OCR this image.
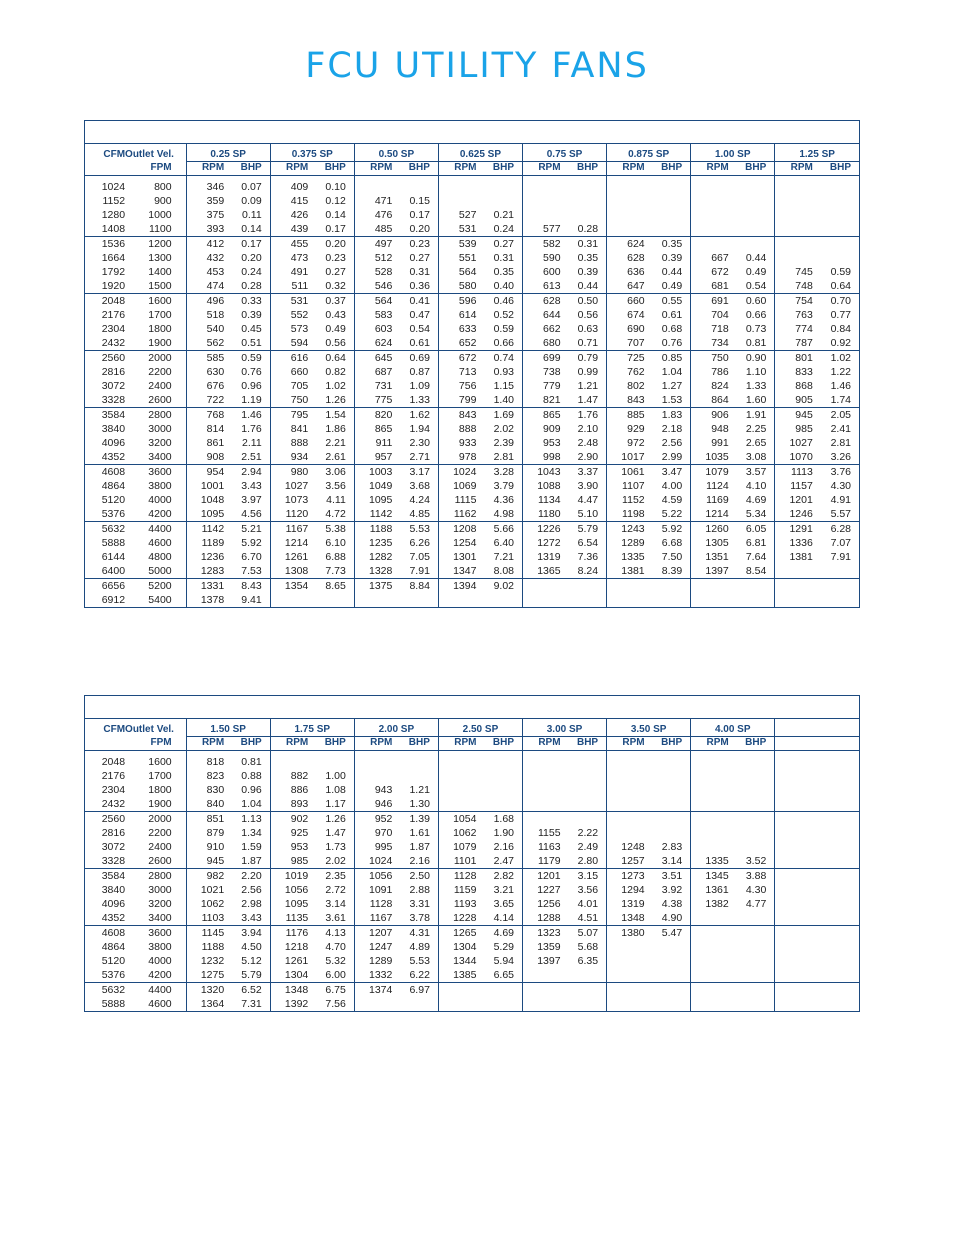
FCU UTILITY FANS
CFM	Outlet Vel.	0.25 SP		0.375 SP		0.50 SP		0.625 SP		0.75 SP		0.875 SP		1.00 SP		1.25 SP	
	FPM	RPM	BHP	RPM	BHP	RPM	BHP	RPM	BHP	RPM	BHP	RPM	BHP	RPM	BHP	RPM	BHP
1024	800	346	0.07	409	0.10												
1152	900	359	0.09	415	0.12	471	0.15										
1280	1000	375	0.11	426	0.14	476	0.17	527	0.21								
1408	1100	393	0.14	439	0.17	485	0.20	531	0.24	577	0.28						
1536	1200	412	0.17	455	0.20	497	0.23	539	0.27	582	0.31	624	0.35				
1664	1300	432	0.20	473	0.23	512	0.27	551	0.31	590	0.35	628	0.39	667	0.44		
1792	1400	453	0.24	491	0.27	528	0.31	564	0.35	600	0.39	636	0.44	672	0.49	745	0.59
1920	1500	474	0.28	511	0.32	546	0.36	580	0.40	613	0.44	647	0.49	681	0.54	748	0.64
2048	1600	496	0.33	531	0.37	564	0.41	596	0.46	628	0.50	660	0.55	691	0.60	754	0.70
2176	1700	518	0.39	552	0.43	583	0.47	614	0.52	644	0.56	674	0.61	704	0.66	763	0.77
2304	1800	540	0.45	573	0.49	603	0.54	633	0.59	662	0.63	690	0.68	718	0.73	774	0.84
2432	1900	562	0.51	594	0.56	624	0.61	652	0.66	680	0.71	707	0.76	734	0.81	787	0.92
2560	2000	585	0.59	616	0.64	645	0.69	672	0.74	699	0.79	725	0.85	750	0.90	801	1.02
2816	2200	630	0.76	660	0.82	687	0.87	713	0.93	738	0.99	762	1.04	786	1.10	833	1.22
3072	2400	676	0.96	705	1.02	731	1.09	756	1.15	779	1.21	802	1.27	824	1.33	868	1.46
3328	2600	722	1.19	750	1.26	775	1.33	799	1.40	821	1.47	843	1.53	864	1.60	905	1.74
3584	2800	768	1.46	795	1.54	820	1.62	843	1.69	865	1.76	885	1.83	906	1.91	945	2.05
3840	3000	814	1.76	841	1.86	865	1.94	888	2.02	909	2.10	929	2.18	948	2.25	985	2.41
4096	3200	861	2.11	888	2.21	911	2.30	933	2.39	953	2.48	972	2.56	991	2.65	1027	2.81
4352	3400	908	2.51	934	2.61	957	2.71	978	2.81	998	2.90	1017	2.99	1035	3.08	1070	3.26
4608	3600	954	2.94	980	3.06	1003	3.17	1024	3.28	1043	3.37	1061	3.47	1079	3.57	1113	3.76
4864	3800	1001	3.43	1027	3.56	1049	3.68	1069	3.79	1088	3.90	1107	4.00	1124	4.10	1157	4.30
5120	4000	1048	3.97	1073	4.11	1095	4.24	1115	4.36	1134	4.47	1152	4.59	1169	4.69	1201	4.91
5376	4200	1095	4.56	1120	4.72	1142	4.85	1162	4.98	1180	5.10	1198	5.22	1214	5.34	1246	5.57
5632	4400	1142	5.21	1167	5.38	1188	5.53	1208	5.66	1226	5.79	1243	5.92	1260	6.05	1291	6.28
5888	4600	1189	5.92	1214	6.10	1235	6.26	1254	6.40	1272	6.54	1289	6.68	1305	6.81	1336	7.07
6144	4800	1236	6.70	1261	6.88	1282	7.05	1301	7.21	1319	7.36	1335	7.50	1351	7.64	1381	7.91
6400	5000	1283	7.53	1308	7.73	1328	7.91	1347	8.08	1365	8.24	1381	8.39	1397	8.54		
6656	5200	1331	8.43	1354	8.65	1375	8.84	1394	9.02								
6912	5400	1378	9.41														
CFM	Outlet Vel.	1.50 SP		1.75 SP		2.00 SP		2.50 SP		3.00 SP		3.50 SP		4.00 SP			
	FPM	RPM	BHP	RPM	BHP	RPM	BHP	RPM	BHP	RPM	BHP	RPM	BHP	RPM	BHP		
2048	1600	818	0.81														
2176	1700	823	0.88	882	1.00												
2304	1800	830	0.96	886	1.08	943	1.21										
2432	1900	840	1.04	893	1.17	946	1.30										
2560	2000	851	1.13	902	1.26	952	1.39	1054	1.68								
2816	2200	879	1.34	925	1.47	970	1.61	1062	1.90	1155	2.22						
3072	2400	910	1.59	953	1.73	995	1.87	1079	2.16	1163	2.49	1248	2.83				
3328	2600	945	1.87	985	2.02	1024	2.16	1101	2.47	1179	2.80	1257	3.14	1335	3.52		
3584	2800	982	2.20	1019	2.35	1056	2.50	1128	2.82	1201	3.15	1273	3.51	1345	3.88		
3840	3000	1021	2.56	1056	2.72	1091	2.88	1159	3.21	1227	3.56	1294	3.92	1361	4.30		
4096	3200	1062	2.98	1095	3.14	1128	3.31	1193	3.65	1256	4.01	1319	4.38	1382	4.77		
4352	3400	1103	3.43	1135	3.61	1167	3.78	1228	4.14	1288	4.51	1348	4.90				
4608	3600	1145	3.94	1176	4.13	1207	4.31	1265	4.69	1323	5.07	1380	5.47				
4864	3800	1188	4.50	1218	4.70	1247	4.89	1304	5.29	1359	5.68						
5120	4000	1232	5.12	1261	5.32	1289	5.53	1344	5.94	1397	6.35						
5376	4200	1275	5.79	1304	6.00	1332	6.22	1385	6.65								
5632	4400	1320	6.52	1348	6.75	1374	6.97										
5888	4600	1364	7.31	1392	7.56												
